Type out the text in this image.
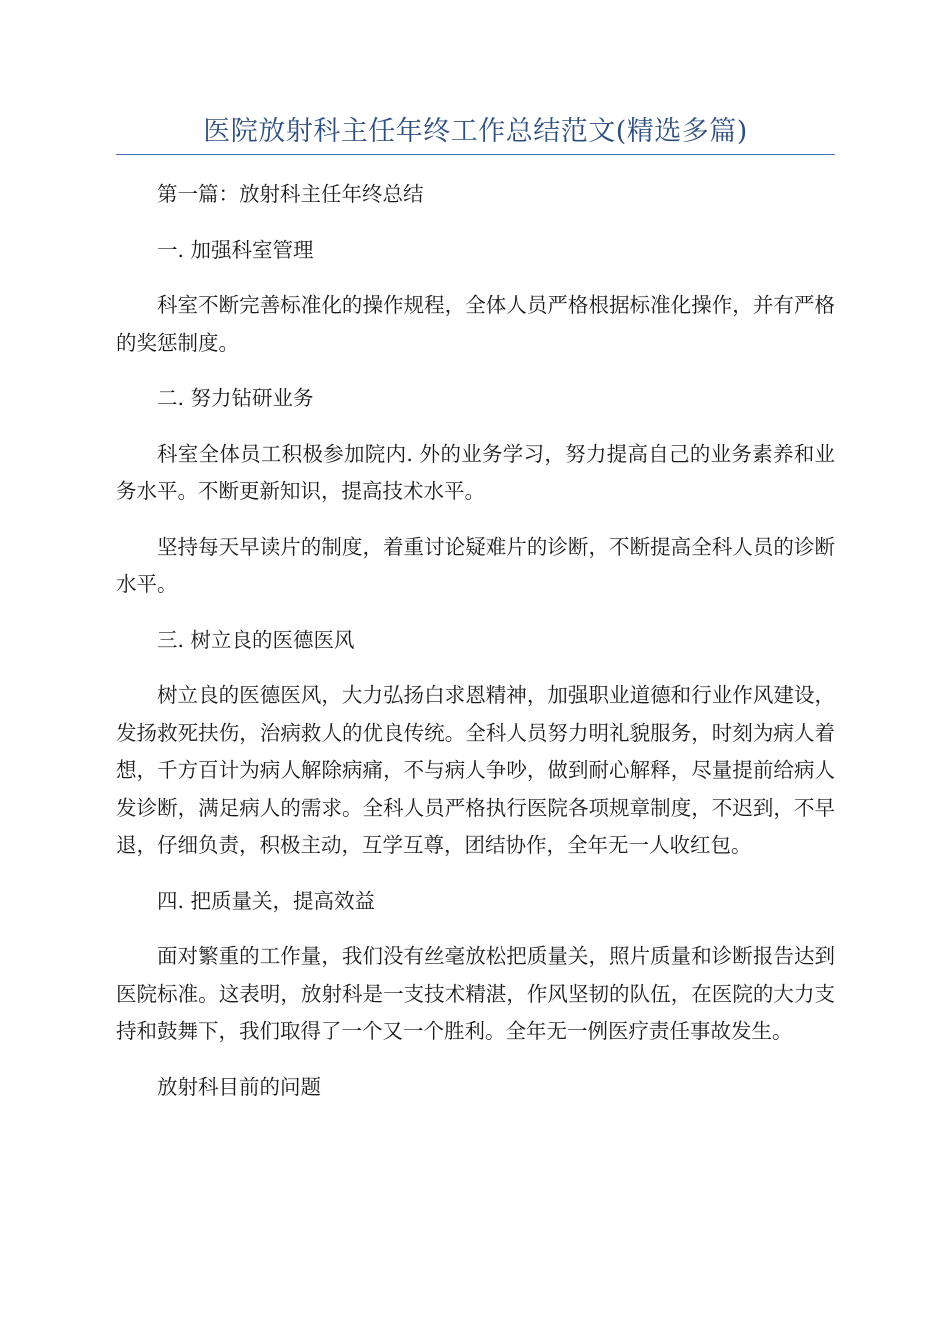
医院放射科主任年终工作总结范文(精选多篇)

第一篇：放射科主任年终总结

一. 加强科室管理

科室不断完善标准化的操作规程，全体人员严格根据标准化操作，并有严格的奖惩制度。

二. 努力钻研业务

科室全体员工积极参加院内. 外的业务学习，努力提高自己的业务素养和业务水平。不断更新知识，提高技术水平。

坚持每天早读片的制度，着重讨论疑难片的诊断，不断提高全科人员的诊断水平。

三. 树立良的医德医风

树立良的医德医风，大力弘扬白求恩精神，加强职业道德和行业作风建设，发扬救死扶伤，治病救人的优良传统。全科人员努力明礼貌服务，时刻为病人着想，千方百计为病人解除病痛，不与病人争吵，做到耐心解释，尽量提前给病人发诊断，满足病人的需求。全科人员严格执行医院各项规章制度，不迟到，不早退，仔细负责，积极主动，互学互尊，团结协作，全年无一人收红包。

四. 把质量关，提高效益

面对繁重的工作量，我们没有丝毫放松把质量关，照片质量和诊断报告达到医院标准。这表明，放射科是一支技术精湛，作风坚韧的队伍，在医院的大力支持和鼓舞下，我们取得了一个又一个胜利。全年无一例医疗责任事故发生。

放射科目前的问题
